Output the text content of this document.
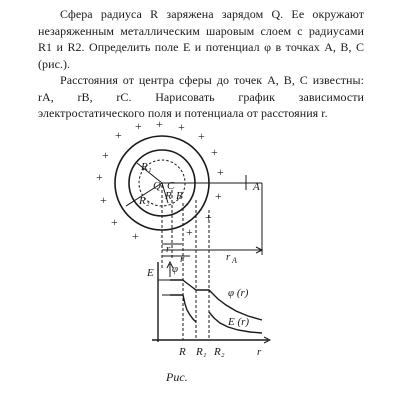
Сфера радиуса R заряжена зарядом Q. Ее окружают незаряженным металлическим шаровым слоем с радиусами R1 и R2. Определить поле E и потенциал φ в точках A, B, C (рис.).

Расстояния от центра сферы до точек A, B, C известны: rA, rB, rC. Нарисовать график зависимости электростатического поля и потенциала от расстояния r.

+
+ + +
+
+
+
+
+
+
+
+
+
+
+
A
R₁
Q C
R₂ R B
r
r	r A
E φ
φ (r)
E (r)
r
R R₁ R₂
Рис.
